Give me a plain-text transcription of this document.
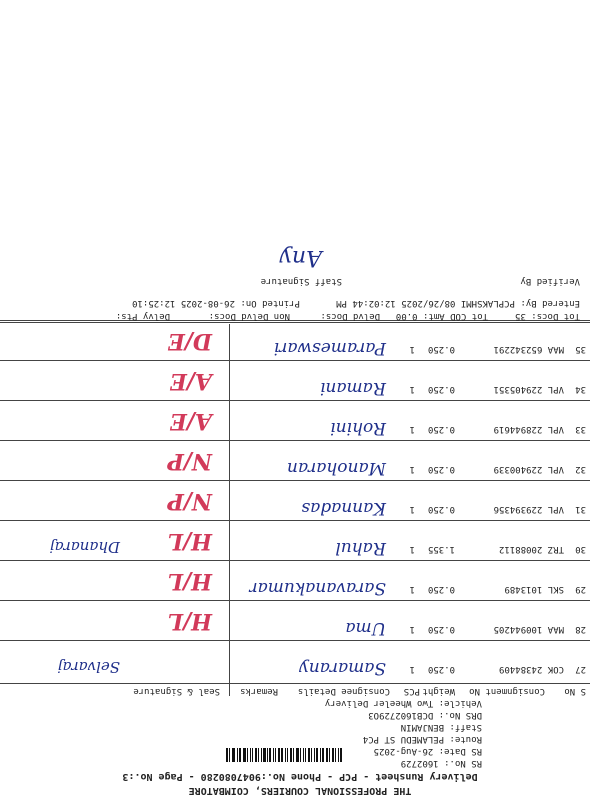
THE PROFESSIONAL COURIERS, COIMBATORE
Delivery Runsheet - PCP - Phone No.:9047080280 - Page No.:3
RS No.: 1602729
RS Date: 26-Aug-2025
Route: PELAMEDU ST PC4
Staff: BENJAMIN
DRS No.: DCB1602729O3
Vehicle: Two Wheeler Delivery
S No
Consignment No
Weight
PCS
Consignee Details
Remarks
Seal & Signature
27
COK 24384409
0.250
1
Samarany
Selvaraj
28
MAA 100944205
0.250
1
Uma
H/L
29
SKL 1013489
0.250
1
Saravanakumar
H/L
30
TRZ 20088112
1.355
1
Rahul
Dhanaraj H/L
31
VPL 229394356
0.250
1
Kannadas
N/P
32
VPL 229400339
0.250
1
Manoharan
N/P
33
VPL 228944619
0.250
1
Rohini
A/E
34
VPL 229405351
0.250
1
Ramani
A/E
35
MAA 652342291
0.250
1
Parameswari
D/E
Tot Docs: 35
Tot COD Amt: 0.00
Delvd Docs:
Non Delvd Docs:
Delvy Pts:
Entered By: PCPLAKSHMI 08/26/2025 12:02:44 PM
Printed On: 26-08-2025 12:25:10
Verified By
Staff Signature
Any
